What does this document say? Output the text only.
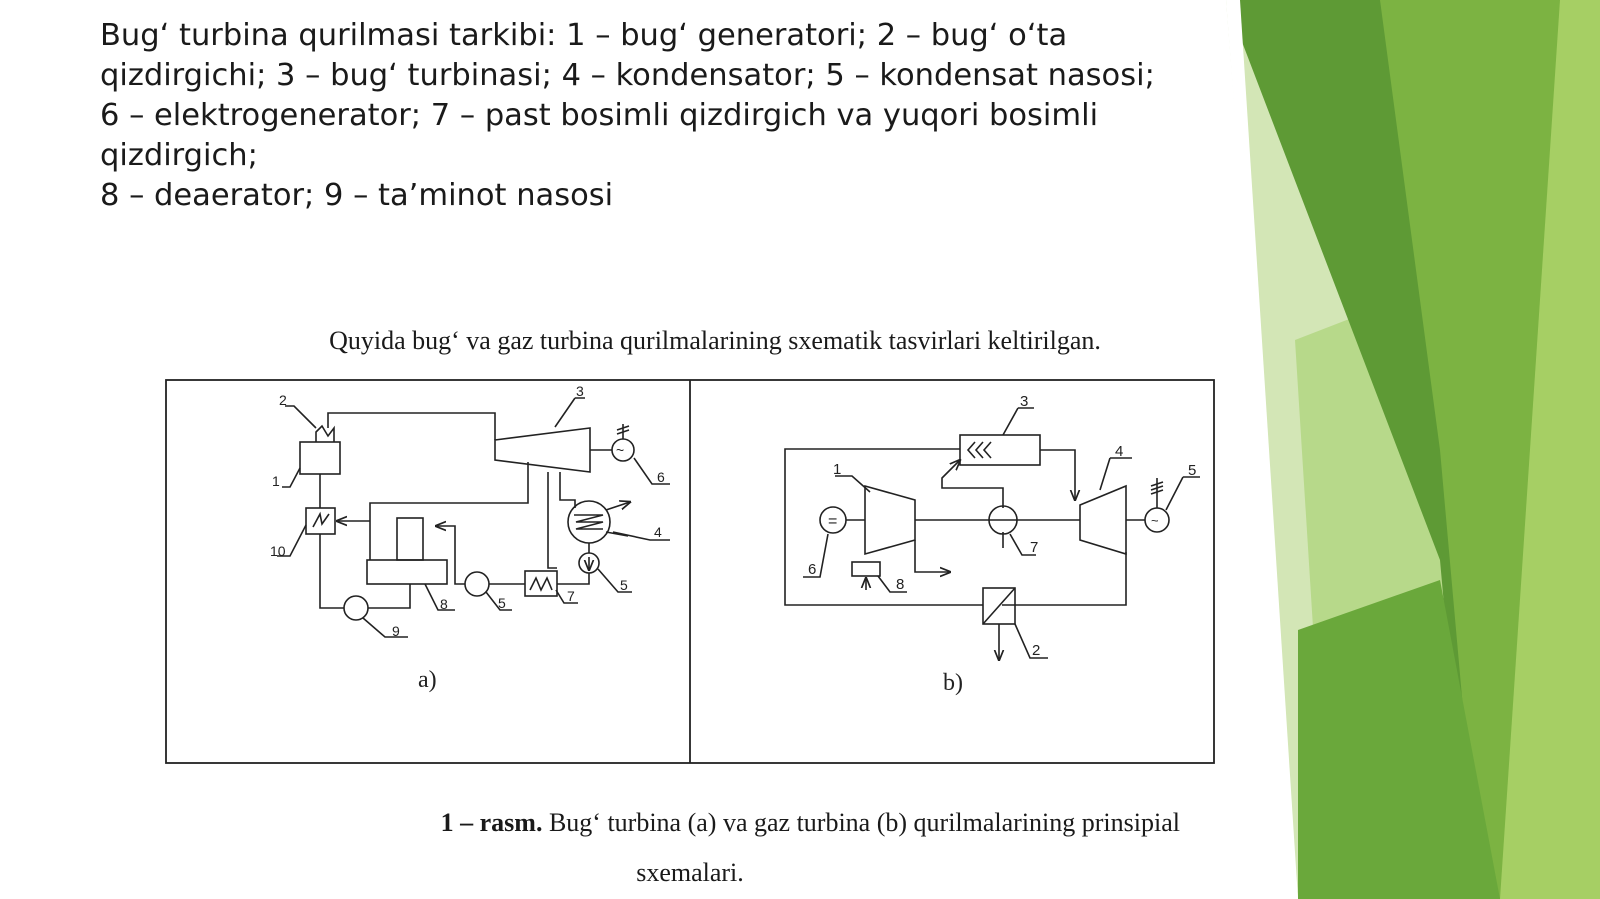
Bug‘ turbina qurilmasi tarkibi: 1 – bug‘ generatori; 2 – bug‘ o‘ta
qizdirgichi; 3 – bug‘ turbinasi; 4 – kondensator; 5 – kondensat nasosi;
6 – elektrogenerator; 7 – past bosimli qizdirgich va yuqori bosimli
qizdirgich;
8 – deaerator; 9 – ta’minot nasosi
Quyida bug‘ va gaz turbina qurilmalarining sxematik tasvirlari keltirilgan.
2
3
1
10
6
4
5
7
5
8
9
~
a)
3
4
5
1
6
7
8
2
=	~
b)
1 – rasm. Bug‘ turbina (a) va gaz turbina (b) qurilmalarining prinsipial
sxemalari.
